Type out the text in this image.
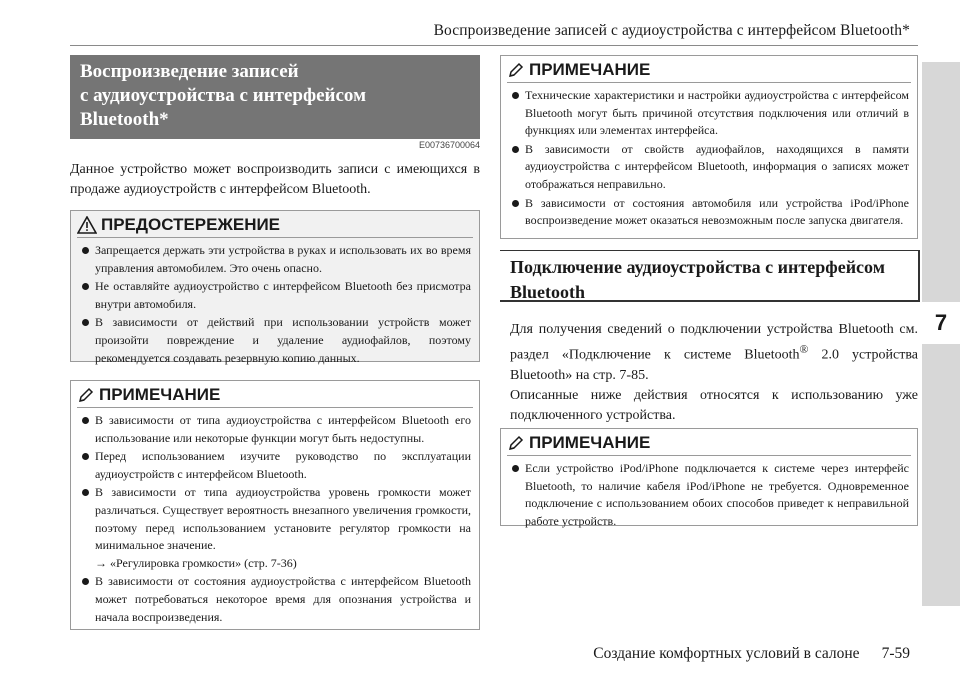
Воспроизведение записей с аудиоустройства с интерфейсом Bluetooth*
7
Воспроизведение записей
с аудиоустройства с интерфейсом
Bluetooth*
E00736700064

Данное устройство может воспроизводить записи с имеющихся в продаже аудиоустройств с интерфейсом Bluetooth.

ПРЕДОСТЕРЕЖЕНИЕ
Запрещается держать эти устройства в руках и использовать их во время управления автомобилем. Это очень опасно.
Не оставляйте аудиоустройство с интерфейсом Bluetooth без присмотра внутри автомобиля.
В зависимости от действий при использовании устройств может произойти повреждение и удаление аудиофайлов, поэтому рекомендуется создавать резервную копию данных.
ПРИМЕЧАНИЕ
В зависимости от типа аудиоустройства с интерфейсом Bluetooth его использование или некоторые функции могут быть недоступны.
Перед использованием изучите руководство по эксплуатации аудиоустройств с интерфейсом Bluetooth.
В зависимости от типа аудиоустройства уровень громкости может различаться. Существует вероятность внезапного увеличения громкости, поэтому перед использованием установите регулятор громкости на минимальное значение.
→ «Регулировка громкости» (стр. 7-36)
В зависимости от состояния аудиоустройства с интерфейсом Bluetooth может потребоваться некоторое время для опознания устройства и начала воспроизведения.
ПРИМЕЧАНИЕ
Технические характеристики и настройки аудиоустройства с интерфейсом Bluetooth могут быть причиной отсутствия подключения или отличий в функциях или элементах интерфейса.
В зависимости от свойств аудиофайлов, находящихся в памяти аудиоустройства с интерфейсом Bluetooth, информация о записях может отображаться неправильно.
В зависимости от состояния автомобиля или устройства iPod/iPhone воспроизведение может оказаться невозможным после запуска двигателя.
Подключение аудиоустройства с интерфейсом
Bluetooth

Для получения сведений о подключении устройства Bluetooth см. раздел «Подключение к системе Bluetooth® 2.0 устройства Bluetooth» на стр. 7-85.

Описанные ниже действия относятся к использованию уже подключенного устройства.

ПРИМЕЧАНИЕ
Если устройство iPod/iPhone подключается к системе через интерфейс Bluetooth, то наличие кабеля iPod/iPhone не требуется. Одновременное подключение с использованием обоих способов приведет к неправильной работе устройств.
Создание комфортных условий в салоне 7-59
